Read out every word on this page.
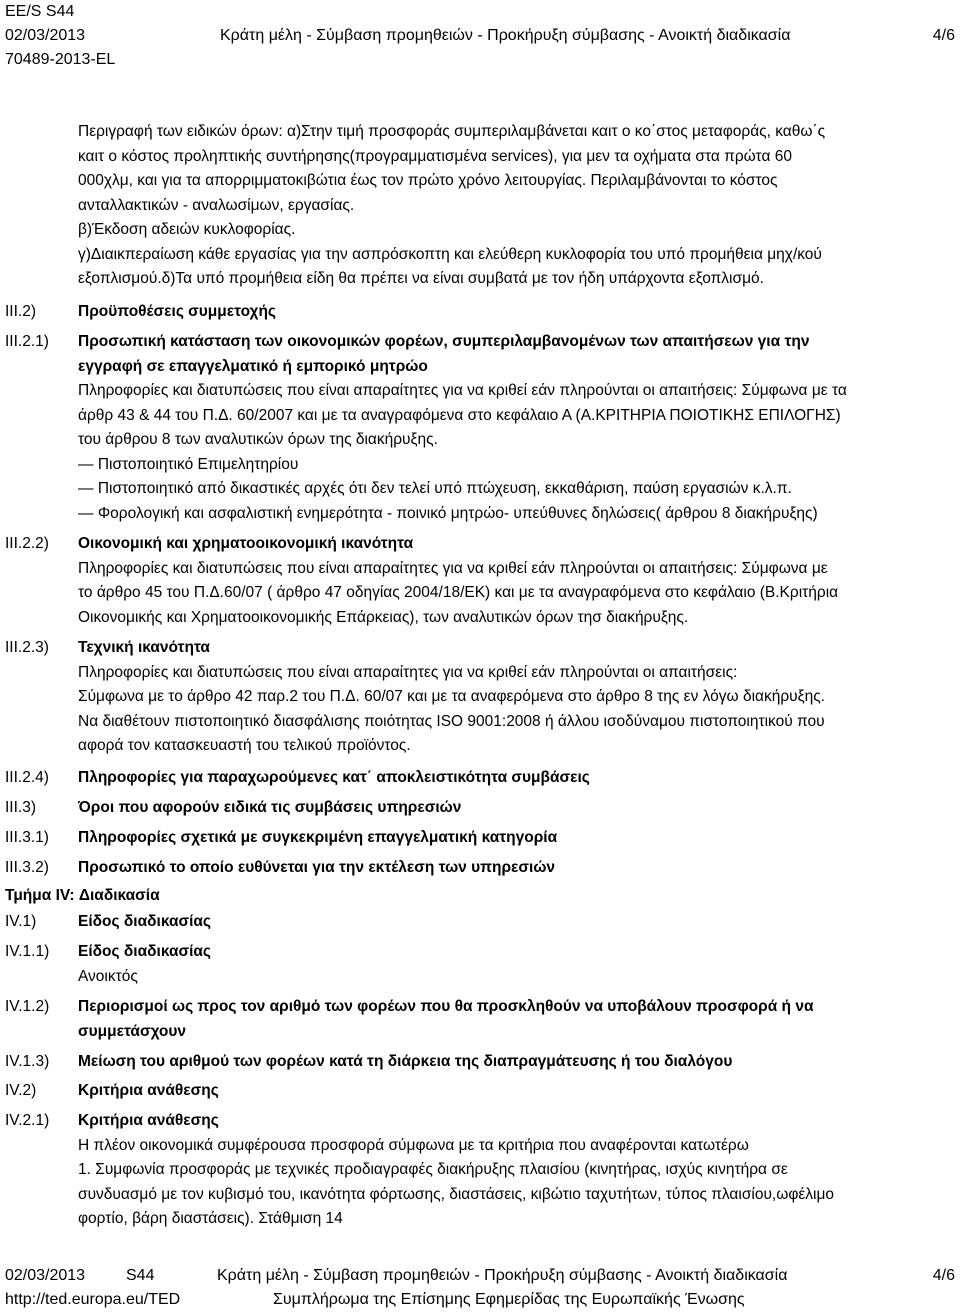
EE/S S44
02/03/2013	Κράτη μέλη - Σύμβαση προμηθειών - Προκήρυξη σύμβασης - Ανοικτή διαδικασία	4/6
70489-2013-EL

Περιγραφή των ειδικών όρων: α)Στην τιμή προσφοράς συμπεριλαμβάνεται καιτ ο κο΄στος μεταφοράς, καθω΄ς

καιτ ο κόστος προληπτικής συντήρησης(προγραμματισμένα services), για μεν τα οχήματα στα πρώτα 60

000χλμ, και για τα απορριμματοκιβώτια έως τον πρώτο χρόνο λειτουργίας. Περιλαμβάνονται το κόστος

ανταλλακτικών - αναλωσίμων, εργασίας.

β)Έκδοση αδειών κυκλοφορίας.

γ)Διαικπεραίωση κάθε εργασίας για την ασπρόσκοπτη και ελεύθερη κυκλοφορία του υπό προμήθεια μηχ/κού

εξοπλισμού.δ)Τα υπό προμήθεια είδη θα πρέπει να είναι συμβατά με τον ήδη υπάρχοντα εξοπλισμό.

III.2)	Προϋποθέσεις συμμετοχής

III.2.1)	Προσωπική κατάσταση των οικονομικών φορέων, συμπεριλαμβανομένων των απαιτήσεων για την

εγγραφή σε επαγγελματικό ή εμπορικό μητρώο

Πληροφορίες και διατυπώσεις που είναι απαραίτητες για να κριθεί εάν πληρούνται οι απαιτήσεις: Σύμφωνα με τα

άρθρ 43 & 44 του Π.Δ. 60/2007 και με τα αναγραφόμενα στο κεφάλαιο Α (Α.ΚΡΙΤΗΡΙΑ ΠΟΙΟΤΙΚΗΣ ΕΠΙΛΟΓΗΣ)

του άρθρου 8 των αναλυτικών όρων της διακήρυξης.

— Πιστοποιητικό Επιμελητηρίου

— Πιστοποιητικό από δικαστικές αρχές ότι δεν τελεί υπό πτώχευση, εκκαθάριση, παύση εργασιών κ.λ.π.

— Φορολογική και ασφαλιστική ενημερότητα - ποινικό μητρώο- υπεύθυνες δηλώσεις( άρθρου 8 διακήρυξης)

III.2.2)	Οικονομική και χρηματοοικονομική ικανότητα

Πληροφορίες και διατυπώσεις που είναι απαραίτητες για να κριθεί εάν πληρούνται οι απαιτήσεις: Σύμφωνα με

το άρθρο 45 του Π.Δ.60/07 ( άρθρο 47 οδηγίας 2004/18/ΕΚ) και με τα αναγραφόμενα στο κεφάλαιο (Β.Κριτήρια

Οικονομικής και Χρηματοοικονομικής Επάρκειας), των αναλυτικών όρων τησ διακήρυξης.

III.2.3)	Τεχνική ικανότητα

Πληροφορίες και διατυπώσεις που είναι απαραίτητες για να κριθεί εάν πληρούνται οι απαιτήσεις:

Σύμφωνα με το άρθρο 42 παρ.2 του Π.Δ. 60/07 και με τα αναφερόμενα στο άρθρο 8 της εν λόγω διακήρυξης.

Να διαθέτουν πιστοποιητικό διασφάλισης ποιότητας ISO 9001:2008 ή άλλου ισοδύναμου πιστοποιητικού που

αφορά τον κατασκευαστή του τελικού προϊόντος.

III.2.4)	Πληροφορίες για παραχωρούμενες κατ΄ αποκλειστικότητα συμβάσεις

III.3)	Όροι που αφορούν ειδικά τις συμβάσεις υπηρεσιών

III.3.1)	Πληροφορίες σχετικά με συγκεκριμένη επαγγελματική κατηγορία

III.3.2)	Προσωπικό το οποίο ευθύνεται για την εκτέλεση των υπηρεσιών

Τμήμα IV: Διαδικασία

IV.1)	Είδος διαδικασίας

IV.1.1)	Είδος διαδικασίας

Ανοικτός

IV.1.2)	Περιορισμοί ως προς τον αριθμό των φορέων που θα προσκληθούν να υποβάλουν προσφορά ή να

συμμετάσχουν

IV.1.3)	Μείωση του αριθμού των φορέων κατά τη διάρκεια της διαπραγμάτευσης ή του διαλόγου

IV.2)	Κριτήρια ανάθεσης

IV.2.1)	Κριτήρια ανάθεσης

Η πλέον οικονομικά συμφέρουσα προσφορά σύμφωνα με τα κριτήρια που αναφέρονται κατωτέρω

1. Συμφωνία προσφοράς με τεχνικές προδιαγραφές διακήρυξης πλαισίου (κινητήρας, ισχύς κινητήρα σε

συνδυασμό με τον κυβισμό του, ικανότητα φόρτωσης, διαστάσεις, κιβώτιο ταχυτήτων, τύπος πλαισίου,ωφέλιμο

φορτίο, βάρη διαστάσεις). Στάθμιση 14

02/03/2013	S44	Κράτη μέλη - Σύμβαση προμηθειών - Προκήρυξη σύμβασης - Ανοικτή διαδικασία	4/6
http://ted.europa.eu/TED	Συμπλήρωμα της Επίσημης Εφημερίδας της Ευρωπαϊκής Ένωσης
